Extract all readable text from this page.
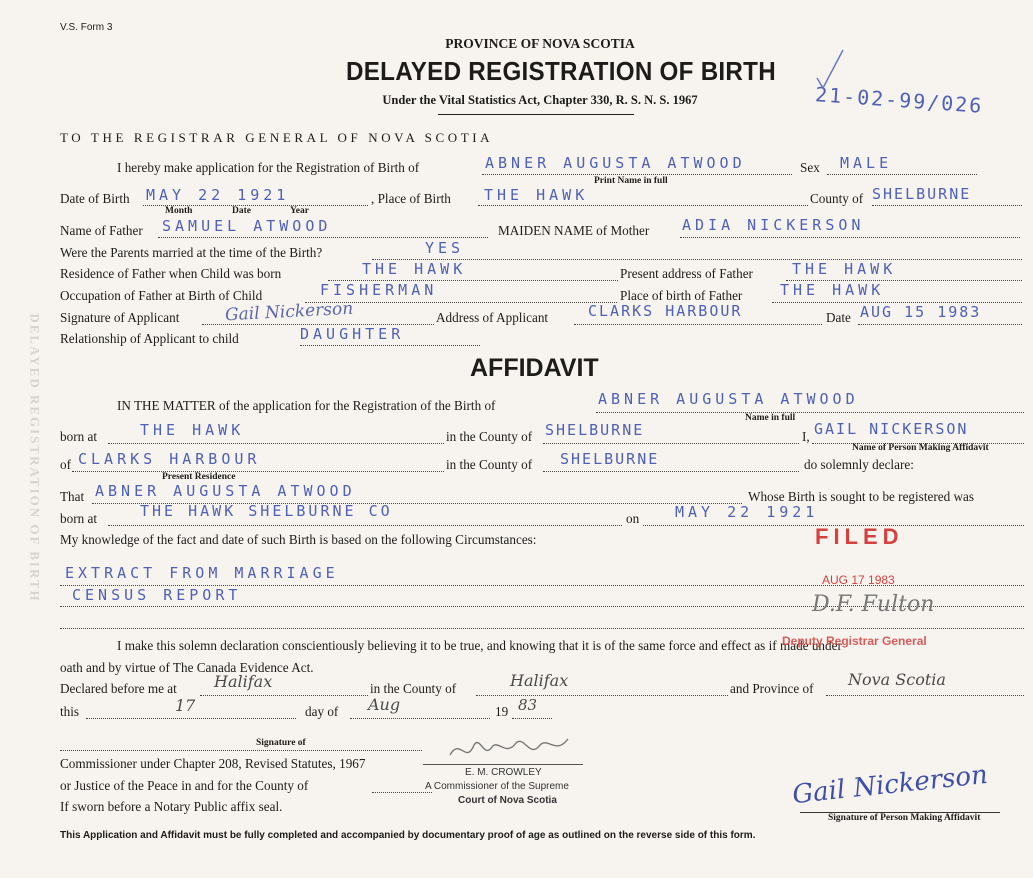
V.S. Form 3
PROVINCE OF NOVA SCOTIA
DELAYED REGISTRATION OF BIRTH
Under the Vital Statistics Act, Chapter 330, R. S. N. S. 1967	21-02-99/026
DELAYED REGISTRATION OF BIRTH
TO THE REGISTRAR GENERAL OF NOVA SCOTIA
I hereby make application for the Registration of Birth of	ABNER AUGUSTA ATWOOD	Sex MALE
Print Name in full
Date of Birth MAY 22 1921	, Place of Birth THE HAWK	County of SHELBURNE
Month	Date	Year
Name of Father SAMUEL ATWOOD	MAIDEN NAME of Mother ADIA NICKERSON
Were the Parents married at the time of the Birth?	YES
Residence of Father when Child was born	THE HAWK	Present address of Father	THE HAWK
Occupation of Father at Birth of Child	FISHERMAN	Place of birth of Father	THE HAWK
Signature of Applicant	Gail Nickerson	Address of Applicant	CLARKS HARBOUR	Date AUG 15 1983
Relationship of Applicant to child	DAUGHTER
AFFIDAVIT
IN THE MATTER of the application for the Registration of the Birth of	ABNER AUGUSTA ATWOOD
Name in full
born at	THE HAWK	in the County of SHELBURNE	I, GAIL NICKERSON
Name of Person Making Affidavit
of CLARKS HARBOUR	in the County of SHELBURNE	do solemnly declare:
Present Residence
That ABNER AUGUSTA ATWOOD	Whose Birth is sought to be registered was
born at	THE HAWK SHELBURNE CO	on MAY 22 1921
My knowledge of the fact and date of such Birth is based on the following Circumstances:
EXTRACT FROM MARRIAGE
CENSUS REPORT
I make this solemn declaration conscientiously believing it to be true, and knowing that it is of the same force and effect as if made under
oath and by virtue of The Canada Evidence Act.
Declared before me at Halifax	in the County of	Halifax	and Province of Nova Scotia
this	17	day of Aug	19 83
Signature of
Commissioner under Chapter 208, Revised Statutes, 1967
or Justice of the Peace in and for the County of
If sworn before a Notary Public affix seal.
E. M. CROWLEY
A Commissioner of the Supreme
Court of Nova Scotia
FILED
AUG 17 1983
D.F. Fulton
Deputy Registrar General
Gail Nickerson
Signature of Person Making Affidavit
This Application and Affidavit must be fully completed and accompanied by documentary proof of age as outlined on the reverse side of this form.
